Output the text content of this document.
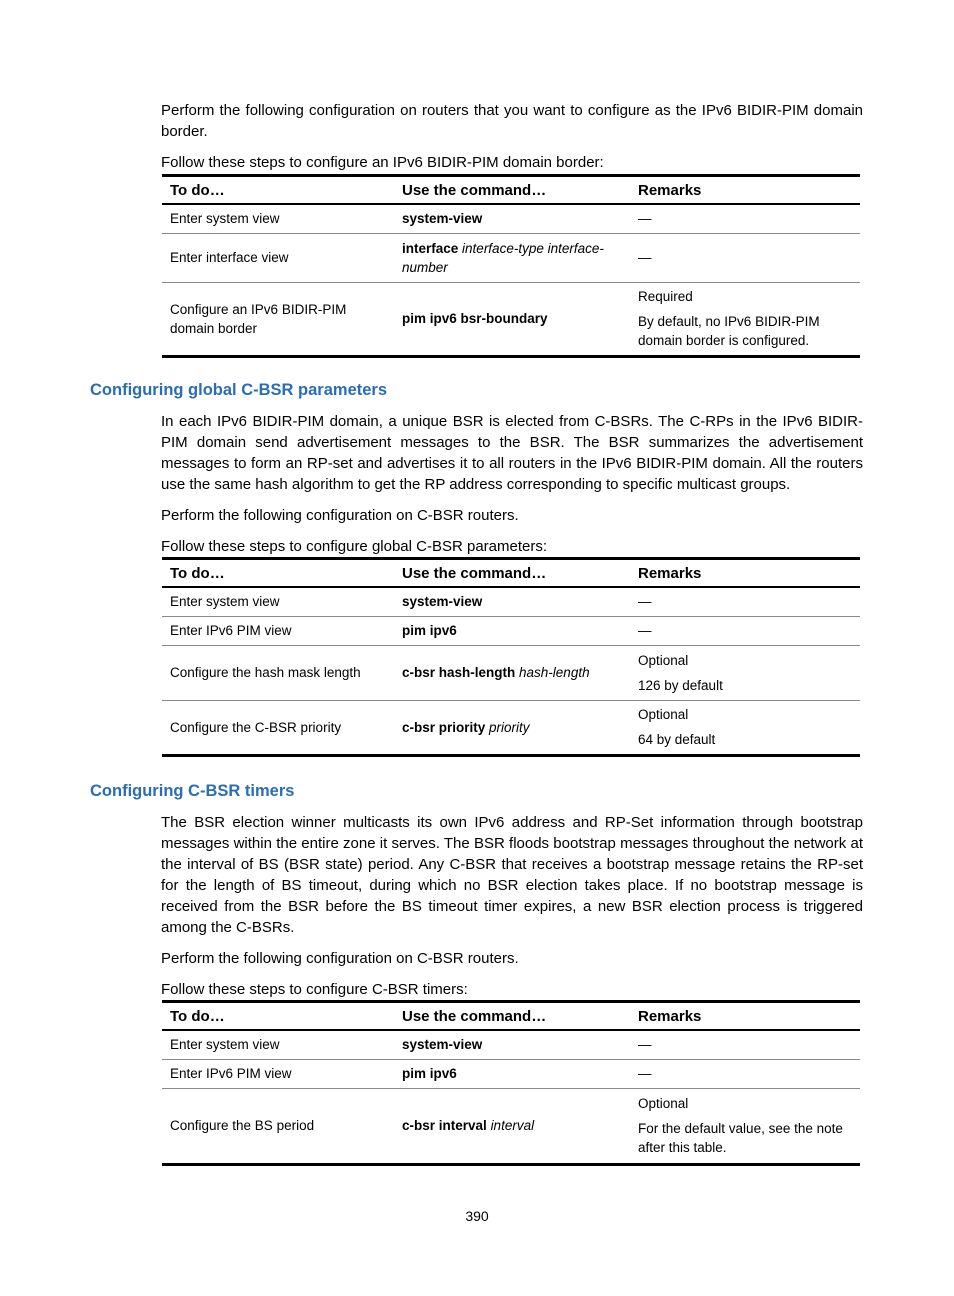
Perform the following configuration on routers that you want to configure as the IPv6 BIDIR-PIM domain border.

Follow these steps to configure an IPv6 BIDIR-PIM domain border:

To do…	Use the command…	Remarks
Enter system view	system-view	—
Enter interface view	interface interface-type interface-number	—
Configure an IPv6 BIDIR-PIM domain border	pim ipv6 bsr-boundary	Required
By default, no IPv6 BIDIR-PIM domain border is configured.
Configuring global C-BSR parameters

In each IPv6 BIDIR-PIM domain, a unique BSR is elected from C-BSRs. The C-RPs in the IPv6 BIDIR-PIM domain send advertisement messages to the BSR. The BSR summarizes the advertisement messages to form an RP-set and advertises it to all routers in the IPv6 BIDIR-PIM domain. All the routers use the same hash algorithm to get the RP address corresponding to specific multicast groups.

Perform the following configuration on C-BSR routers.

Follow these steps to configure global C-BSR parameters:

To do…	Use the command…	Remarks
Enter system view	system-view	—
Enter IPv6 PIM view	pim ipv6	—
Configure the hash mask length	c-bsr hash-length hash-length	Optional
126 by default

Configure the C-BSR priority	c-bsr priority priority	Optional
64 by default
Configuring C-BSR timers

The BSR election winner multicasts its own IPv6 address and RP-Set information through bootstrap messages within the entire zone it serves. The BSR floods bootstrap messages throughout the network at the interval of BS (BSR state) period. Any C-BSR that receives a bootstrap message retains the RP-set for the length of BS timeout, during which no BSR election takes place. If no bootstrap message is received from the BSR before the BS timeout timer expires, a new BSR election process is triggered among the C-BSRs.

Perform the following configuration on C-BSR routers.

Follow these steps to configure C-BSR timers:

To do…	Use the command…	Remarks
Enter system view	system-view	—
Enter IPv6 PIM view	pim ipv6	—
Configure the BS period	c-bsr interval interval	Optional
For the default value, see the note after this table.
390
